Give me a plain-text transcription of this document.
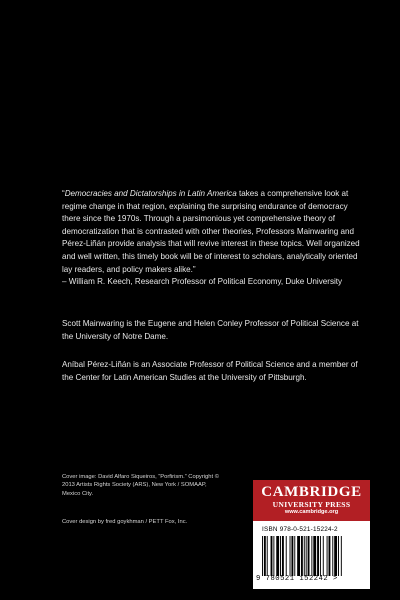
“Democracies and Dictatorships in Latin America takes a comprehensive look at regime change in that region, explaining the surprising endurance of democracy there since the 1970s. Through a parsimonious yet comprehensive theory of democratization that is contrasted with other theories, Professors Mainwaring and Pérez-Liñán provide analysis that will revive interest in these topics. Well organized and well written, this timely book will be of interest to scholars, analytically oriented lay readers, and policy makers alike.”

– William R. Keech, Research Professor of Political Economy, Duke University

Scott Mainwaring is the Eugene and Helen Conley Professor of Political Science at the University of Notre Dame.

Aníbal Pérez-Liñán is an Associate Professor of Political Science and a member of the Center for Latin American Studies at the University of Pittsburgh.

Cover image: David Alfaro Siqueiros, “Porfirism.” Copyright © 2013 Artists Rights Society (ARS), New York / SOMAAP, Mexico City.

Cover design by fred goykhman / PETT Fox, Inc.

CAMBRIDGE
UNIVERSITY PRESS
www.cambridge.org
ISBN 978-0-521-15224-2
9 780521 152242 >
